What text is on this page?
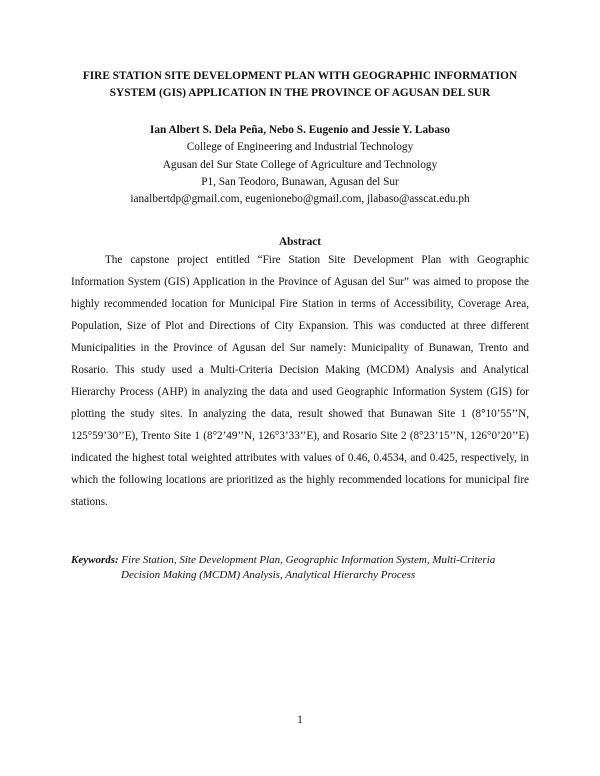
FIRE STATION SITE DEVELOPMENT PLAN WITH GEOGRAPHIC INFORMATION
SYSTEM (GIS) APPLICATION IN THE PROVINCE OF AGUSAN DEL SUR
Ian Albert S. Dela Peña, Nebo S. Eugenio and Jessie Y. Labaso
College of Engineering and Industrial Technology
Agusan del Sur State College of Agriculture and Technology
P1, San Teodoro, Bunawan, Agusan del Sur
ianalbertdp@gmail.com, eugenionebo@gmail.com, jlabaso@asscat.edu.ph
Abstract

The capstone project entitled “Fire Station Site Development Plan with Geographic Information System (GIS) Application in the Province of Agusan del Sur” was aimed to propose the highly recommended location for Municipal Fire Station in terms of Accessibility, Coverage Area, Population, Size of Plot and Directions of City Expansion. This was conducted at three different Municipalities in the Province of Agusan del Sur namely: Municipality of Bunawan, Trento and Rosario. This study used a Multi-Criteria Decision Making (MCDM) Analysis and Analytical Hierarchy Process (AHP) in analyzing the data and used Geographic Information System (GIS) for plotting the study sites. In analyzing the data, result showed that Bunawan Site 1 (8°10’55’’N, 125°59’30’’E), Trento Site 1 (8°2’49’’N, 126°3’33’’E), and Rosario Site 2 (8°23’15’’N, 126°0’20’’E) indicated the highest total weighted attributes with values of 0.46, 0.4534, and 0.425, respectively, in which the following locations are prioritized as the highly recommended locations for municipal fire stations.

Keywords: Fire Station, Site Development Plan, Geographic Information System, Multi-Criteria Decision Making (MCDM) Analysis, Analytical Hierarchy Process
1
